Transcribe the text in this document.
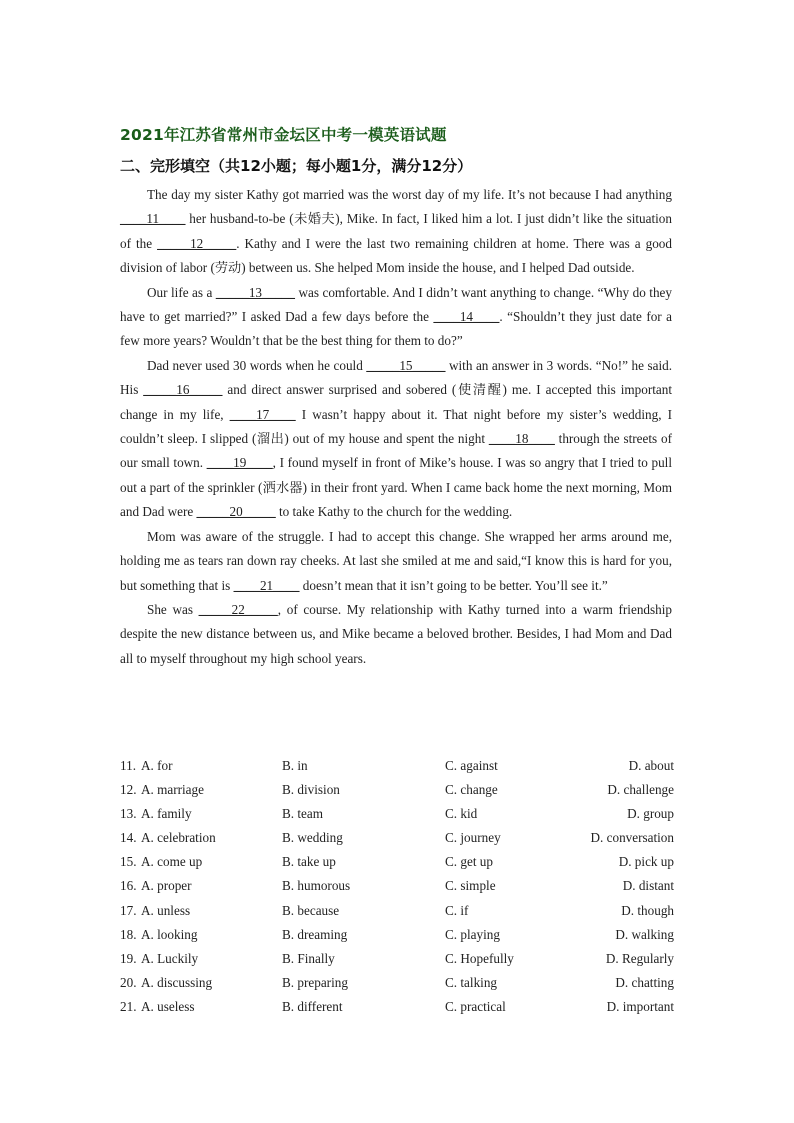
2021年江苏省常州市金坛区中考一模英语试题
二、完形填空（共12小题；每小题1分，满分12分）

The day my sister Kathy got married was the worst day of my life. It’s not because I had anything ____11____ her husband-to-be (未婚夫), Mike. In fact, I liked him a lot. I just didn’t like the situation of the _____12_____. Kathy and I were the last two remaining children at home. There was a good division of labor (劳动) between us. She helped Mom inside the house, and I helped Dad outside.

Our life as a _____13_____ was comfortable. And I didn’t want anything to change. “Why do they have to get married?” I asked Dad a few days before the ____14____. “Shouldn’t they just date for a few more years? Wouldn’t that be the best thing for them to do?”

Dad never used 30 words when he could _____15_____ with an answer in 3 words. “No!” he said. His _____16_____ and direct answer surprised and sobered (使清醒) me. I accepted this important change in my life, ____17____ I wasn’t happy about it. That night before my sister’s wedding, I couldn’t sleep. I slipped (溜出) out of my house and spent the night ____18____ through the streets of our small town. ____19____, I found myself in front of Mike’s house. I was so angry that I tried to pull out a part of the sprinkler (洒水器) in their front yard. When I came back home the next morning, Mom and Dad were _____20_____ to take Kathy to the church for the wedding.

Mom was aware of the struggle. I had to accept this change. She wrapped her arms around me, holding me as tears ran down ray cheeks. At last she smiled at me and said,“I know this is hard for you, but something that is ____21____ doesn’t mean that it isn’t going to be better. You’ll see it.”

She was _____22_____, of course. My relationship with Kathy turned into a warm friendship despite the new distance between us, and Mike became a beloved brother. Besides, I had Mom and Dad all to myself throughout my high school years.

11. A. for	B. in	C. against	D. about
12. A. marriage	B. division	C. change	D. challenge
13. A. family	B. team	C. kid	D. group
14. A. celebration	B. wedding	C. journey	D. conversation
15. A. come up	B. take up	C. get up	D. pick up
16. A. proper	B. humorous	C. simple	D. distant
17. A. unless	B. because	C. if	D. though
18. A. looking	B. dreaming	C. playing	D. walking
19. A. Luckily	B. Finally	C. Hopefully	D. Regularly
20. A. discussing	B. preparing	C. talking	D. chatting
21. A. useless	B. different	C. practical	D. important
